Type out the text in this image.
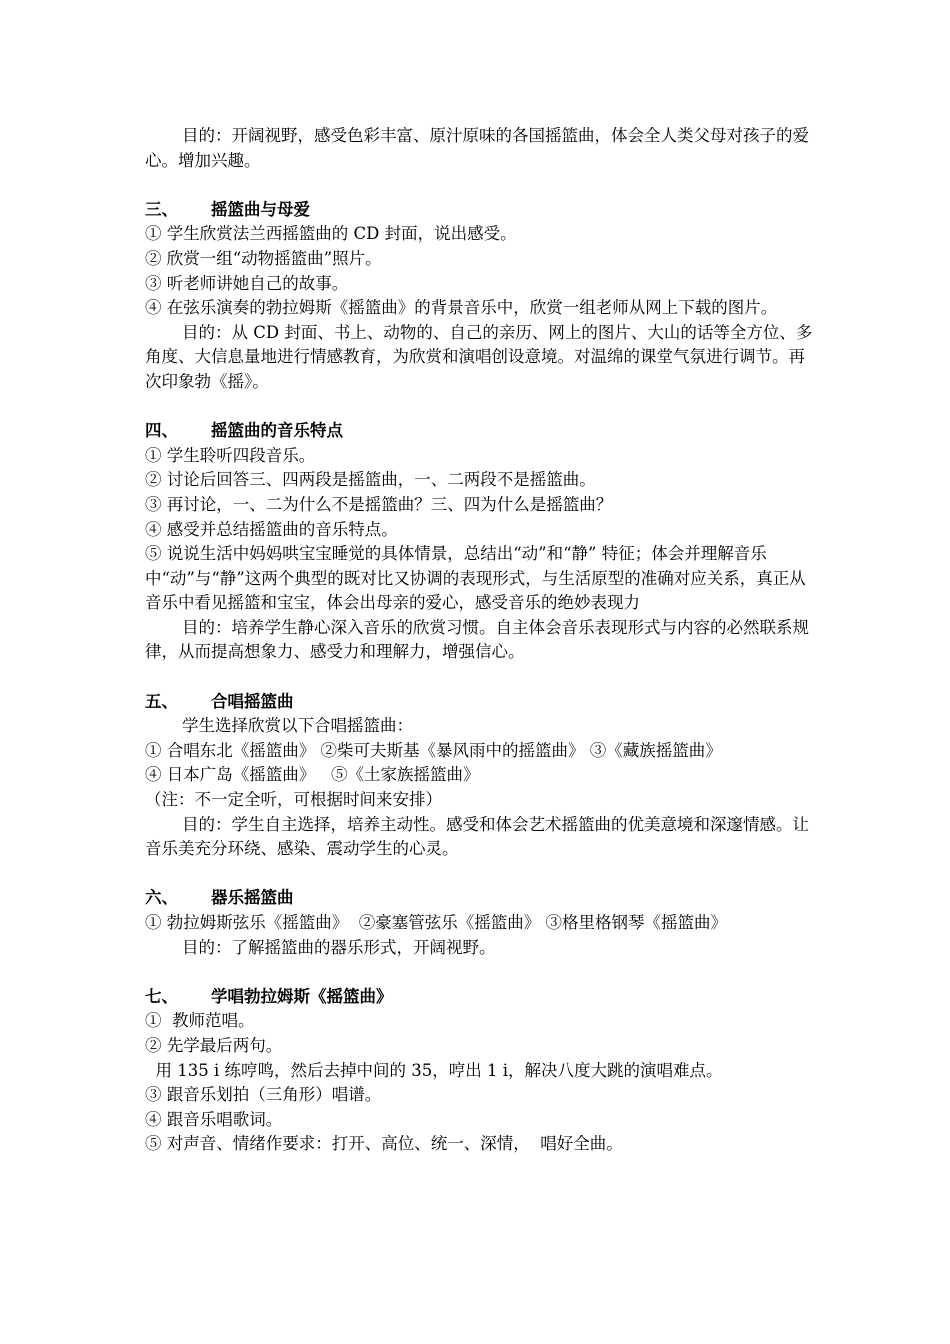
目的：开阔视野，感受色彩丰富、原汁原味的各国摇篮曲，体会全人类父母对孩子的爱心。增加兴趣。

三、 摇篮曲与母爱

① 学生欣赏法兰西摇篮曲的 CD 封面，说出感受。

② 欣赏一组“动物摇篮曲”照片。

③ 听老师讲她自己的故事。

④ 在弦乐演奏的勃拉姆斯《摇篮曲》的背景音乐中，欣赏一组老师从网上下载的图片。

目的：从 CD 封面、书上、动物的、自己的亲历、网上的图片、大山的话等全方位、多角度、大信息量地进行情感教育，为欣赏和演唱创设意境。对温绵的课堂气氛进行调节。再次印象勃《摇》。

四、 摇篮曲的音乐特点

① 学生聆听四段音乐。

② 讨论后回答三、四两段是摇篮曲，一、二两段不是摇篮曲。

③ 再讨论，一、二为什么不是摇篮曲？三、四为什么是摇篮曲？

④ 感受并总结摇篮曲的音乐特点。

⑤ 说说生活中妈妈哄宝宝睡觉的具体情景，总结出“动”和“静” 特征；体会并理解音乐中“动”与“静”这两个典型的既对比又协调的表现形式，与生活原型的准确对应关系，真正从音乐中看见摇篮和宝宝，体会出母亲的爱心，感受音乐的绝妙表现力

目的：培养学生静心深入音乐的欣赏习惯。自主体会音乐表现形式与内容的必然联系规律，从而提高想象力、感受力和理解力，增强信心。

五、 合唱摇篮曲

学生选择欣赏以下合唱摇篮曲：

① 合唱东北《摇篮曲》 ②柴可夫斯基《暴风雨中的摇篮曲》 ③《藏族摇篮曲》

④ 日本广岛《摇篮曲》   ⑤《土家族摇篮曲》

（注：不一定全听，可根据时间来安排）

目的：学生自主选择，培养主动性。感受和体会艺术摇篮曲的优美意境和深邃情感。让音乐美充分环绕、感染、震动学生的心灵。

六、 器乐摇篮曲

① 勃拉姆斯弦乐《摇篮曲》  ②豪塞管弦乐《摇篮曲》 ③格里格钢琴《摇篮曲》

目的：了解摇篮曲的器乐形式，开阔视野。

七、 学唱勃拉姆斯《摇篮曲》

①  教师范唱。

② 先学最后两句。

用 135 i 练哼鸣，然后去掉中间的 35，哼出 1 i，解决八度大跳的演唱难点。

③ 跟音乐划拍（三角形）唱谱。

④ 跟音乐唱歌词。

⑤ 对声音、情绪作要求：打开、高位、统一、深情，  唱好全曲。
